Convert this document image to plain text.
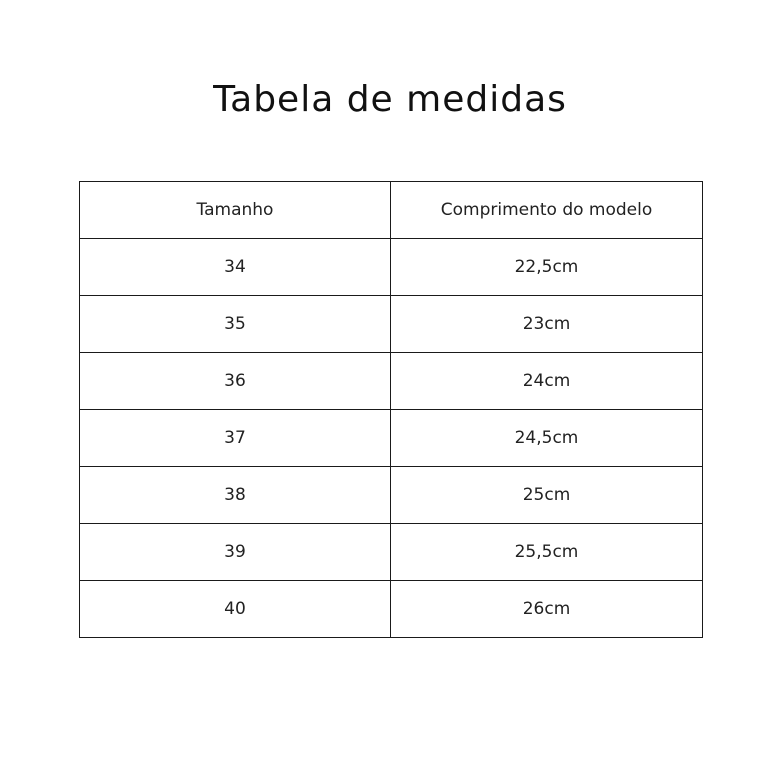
Tabela de medidas
Tamanho	Comprimento do modelo
34	22,5cm
35	23cm
36	24cm
37	24,5cm
38	25cm
39	25,5cm
40	26cm
